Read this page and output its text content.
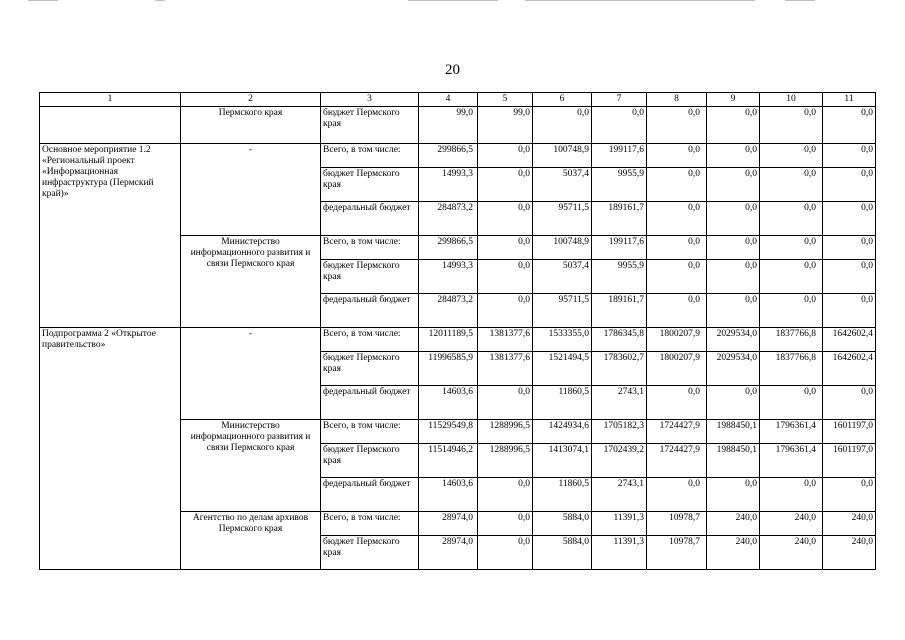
20
1	2	3	4	5	6	7	8	9	10	11
	Пермского края	бюджет Пермского края	99,0	99,0	0,0	0,0	0,0	0,0	0,0	0,0
Основное мероприятие 1.2 «Региональный проект «Информационная инфраструктура (Пермский край)»	-	Всего, в том числе:	299866,5	0,0	100748,9	199117,6	0,0	0,0	0,0	0,0
		бюджет Пермского края	14993,3	0,0	5037,4	9955,9	0,0	0,0	0,0	0,0
		федеральный бюджет	284873,2	0,0	95711,5	189161,7	0,0	0,0	0,0	0,0
	Министерство информационного развития и связи Пермского края	Всего, в том числе:	299866,5	0,0	100748,9	199117,6	0,0	0,0	0,0	0,0
		бюджет Пермского края	14993,3	0,0	5037,4	9955,9	0,0	0,0	0,0	0,0
		федеральный бюджет	284873,2	0,0	95711,5	189161,7	0,0	0,0	0,0	0,0
Подпрограмма 2 «Открытое правительство»	-	Всего, в том числе:	12011189,5	1381377,6	1533355,0	1786345,8	1800207,9	2029534,0	1837766,8	1642602,4
		бюджет Пермского края	11996585,9	1381377,6	1521494,5	1783602,7	1800207,9	2029534,0	1837766,8	1642602,4
		федеральный бюджет	14603,6	0,0	11860,5	2743,1	0,0	0,0	0,0	0,0
	Министерство информационного развития и связи Пермского края	Всего, в том числе:	11529549,8	1288996,5	1424934,6	1705182,3	1724427,9	1988450,1	1796361,4	1601197,0
		бюджет Пермского края	11514946,2	1288996,5	1413074,1	1702439,2	1724427,9	1988450,1	1796361,4	1601197,0
		федеральный бюджет	14603,6	0,0	11860,5	2743,1	0,0	0,0	0,0	0,0
	Агентство по делам архивов Пермского края	Всего, в том числе:	28974,0	0,0	5884,0	11391,3	10978,7	240,0	240,0	240,0
		бюджет Пермского края	28974,0	0,0	5884,0	11391,3	10978,7	240,0	240,0	240,0
